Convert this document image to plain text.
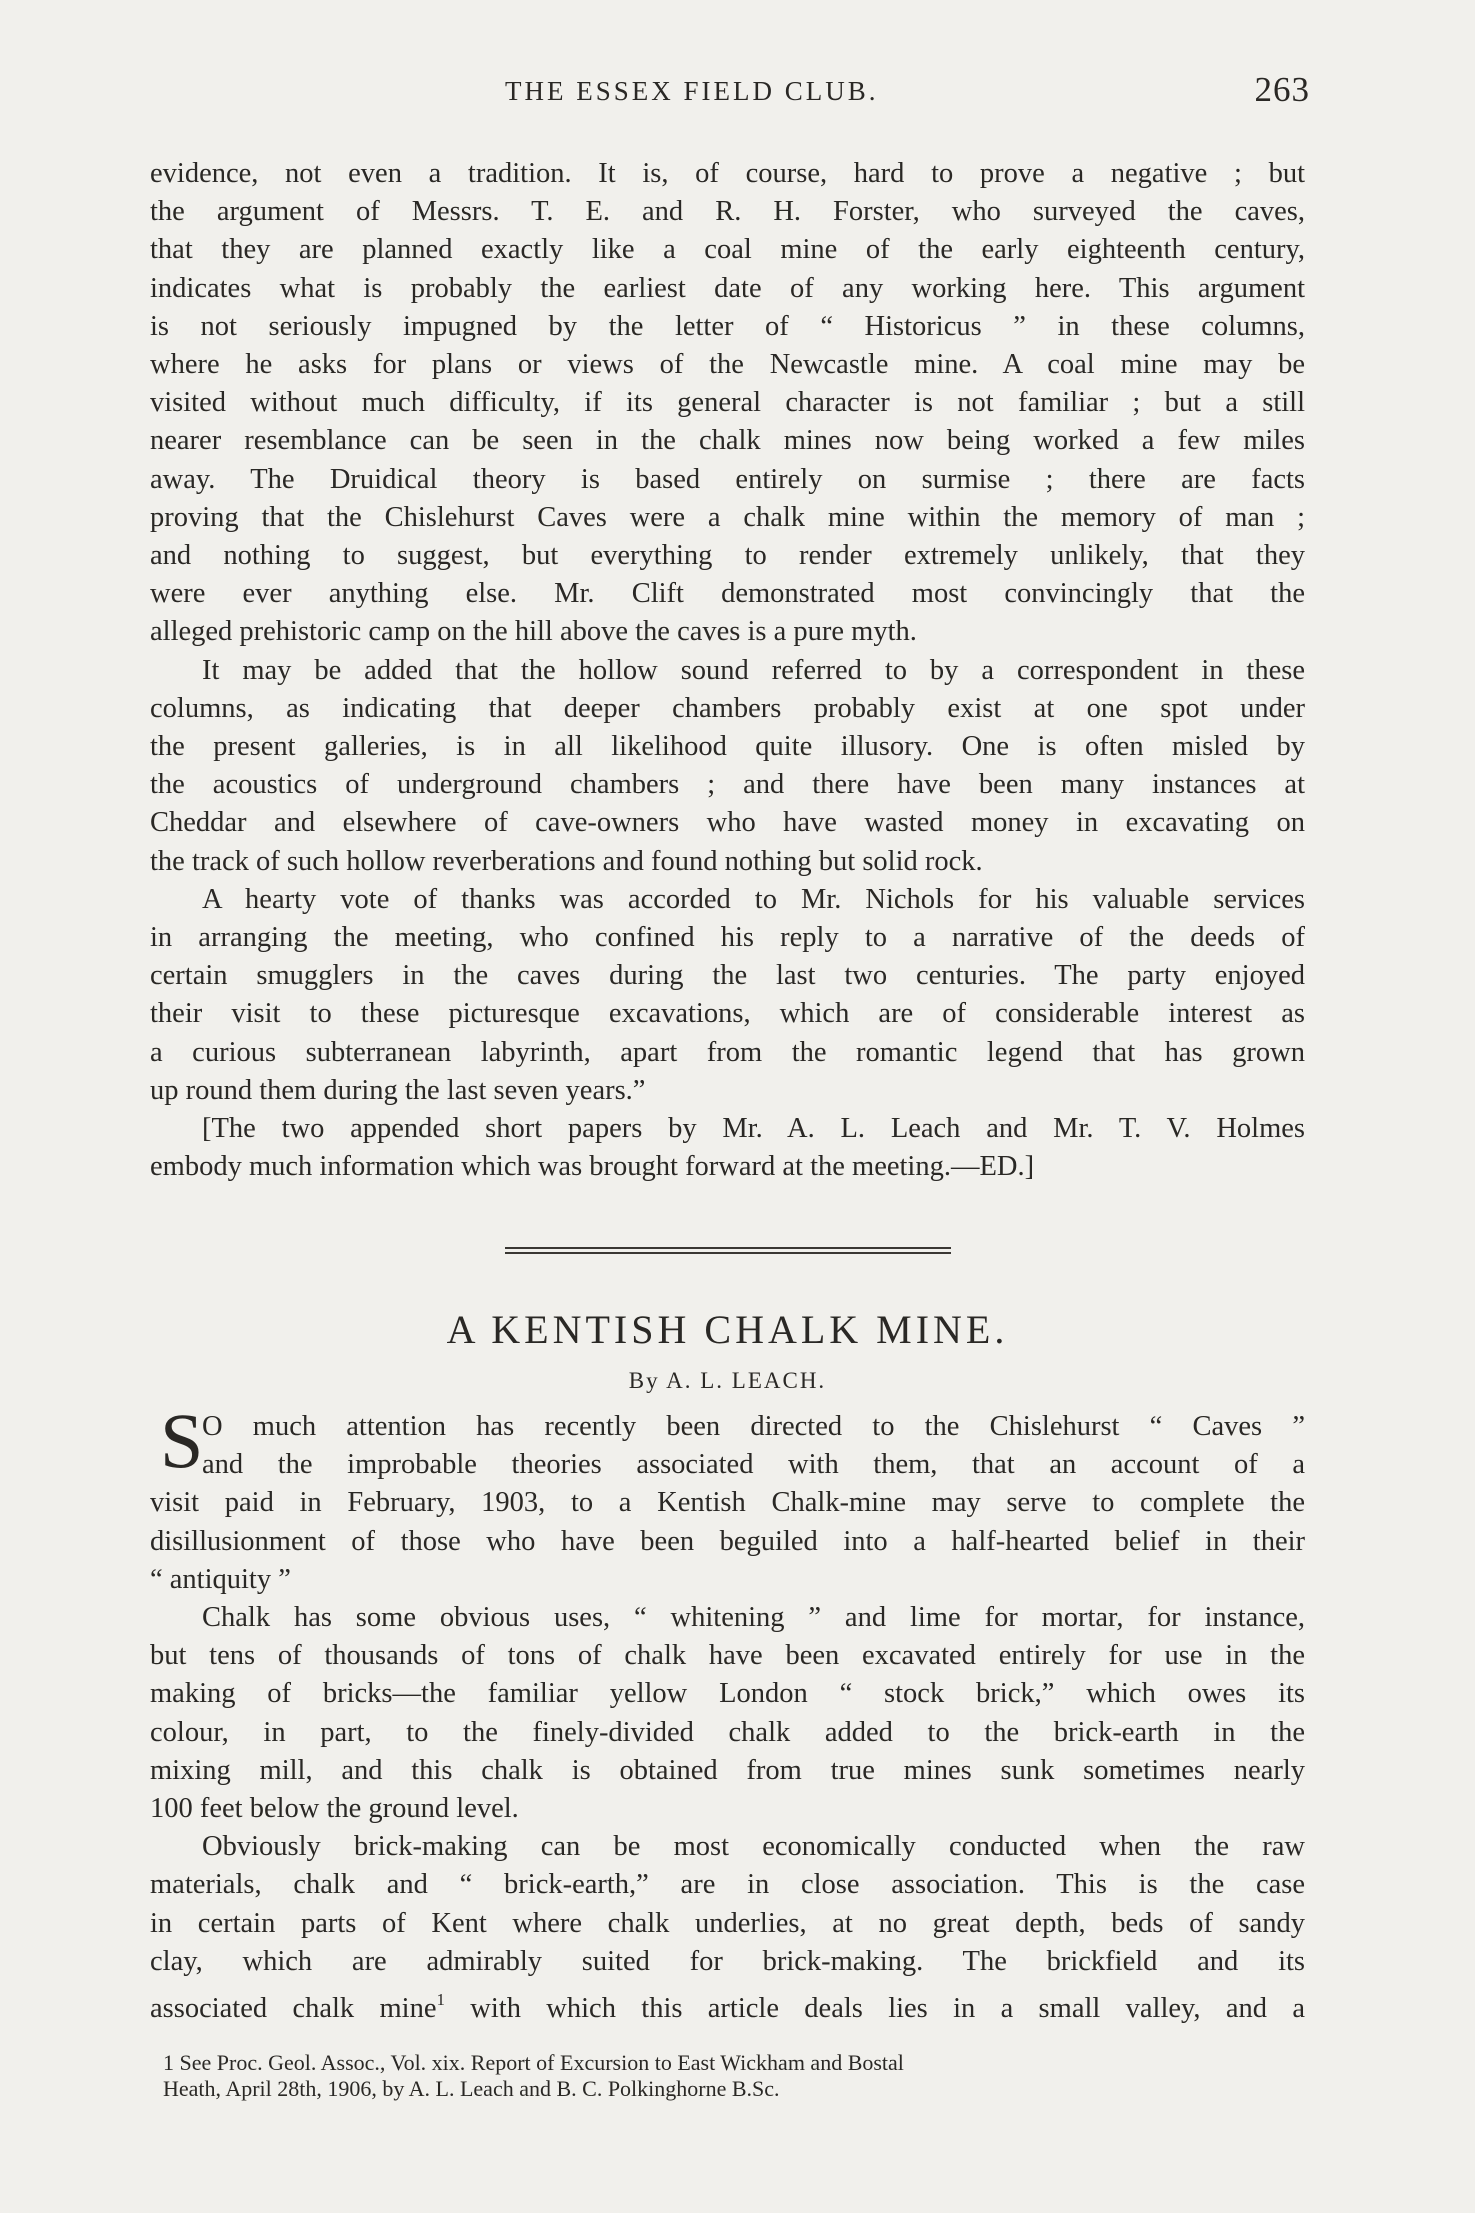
THE ESSEX FIELD CLUB.	263

evidence, not even a tradition. It is, of course, hard to prove a negative ; but
the argument of Messrs. T. E. and R. H. Forster, who surveyed the caves,
that they are planned exactly like a coal mine of the early eighteenth century,
indicates what is probably the earliest date of any working here. This argument
is not seriously impugned by the letter of “ Historicus ” in these columns,
where he asks for plans or views of the Newcastle mine. A coal mine may be
visited without much difficulty, if its general character is not familiar ; but a still
nearer resemblance can be seen in the chalk mines now being worked a few miles
away. The Druidical theory is based entirely on surmise ; there are facts
proving that the Chislehurst Caves were a chalk mine within the memory of man ;
and nothing to suggest, but everything to render extremely unlikely, that they
were ever anything else. Mr. Clift demonstrated most convincingly that the
alleged prehistoric camp on the hill above the caves is a pure myth.

It may be added that the hollow sound referred to by a correspondent in these
columns, as indicating that deeper chambers probably exist at one spot under
the present galleries, is in all likelihood quite illusory. One is often misled by
the acoustics of underground chambers ; and there have been many instances at
Cheddar and elsewhere of cave-owners who have wasted money in excavating on
the track of such hollow reverberations and found nothing but solid rock.

A hearty vote of thanks was accorded to Mr. Nichols for his valuable services
in arranging the meeting, who confined his reply to a narrative of the deeds of
certain smugglers in the caves during the last two centuries. The party enjoyed
their visit to these picturesque excavations, which are of considerable interest as
a curious subterranean labyrinth, apart from the romantic legend that has grown
up round them during the last seven years.”

[The two appended short papers by Mr. A. L. Leach and Mr. T. V. Holmes
embody much information which was brought forward at the meeting.—ED.]

A KENTISH CHALK MINE.
By A. L. LEACH.
S

O much attention has recently been directed to the Chislehurst “ Caves ”
and the improbable theories associated with them, that an account of a
visit paid in February, 1903, to a Kentish Chalk-mine may serve to complete the
disillusionment of those who have been beguiled into a half-hearted belief in their
“ antiquity ”

Chalk has some obvious uses, “ whitening ” and lime for mortar, for instance,
but tens of thousands of tons of chalk have been excavated entirely for use in the
making of bricks—the familiar yellow London “ stock brick,” which owes its
colour, in part, to the finely-divided chalk added to the brick-earth in the
mixing mill, and this chalk is obtained from true mines sunk sometimes nearly
100 feet below the ground level.

Obviously brick-making can be most economically conducted when the raw
materials, chalk and “ brick-earth,” are in close association. This is the case
in certain parts of Kent where chalk underlies, at no great depth, beds of sandy
clay, which are admirably suited for brick-making. The brickfield and its

associated chalk mine$^1$ with which this article deals lies in a small valley, and a

1 See Proc. Geol. Assoc., Vol. xix. Report of Excursion to East Wickham and Bostal
Heath, April 28th, 1906, by A. L. Leach and B. C. Polkinghorne B.Sc.
